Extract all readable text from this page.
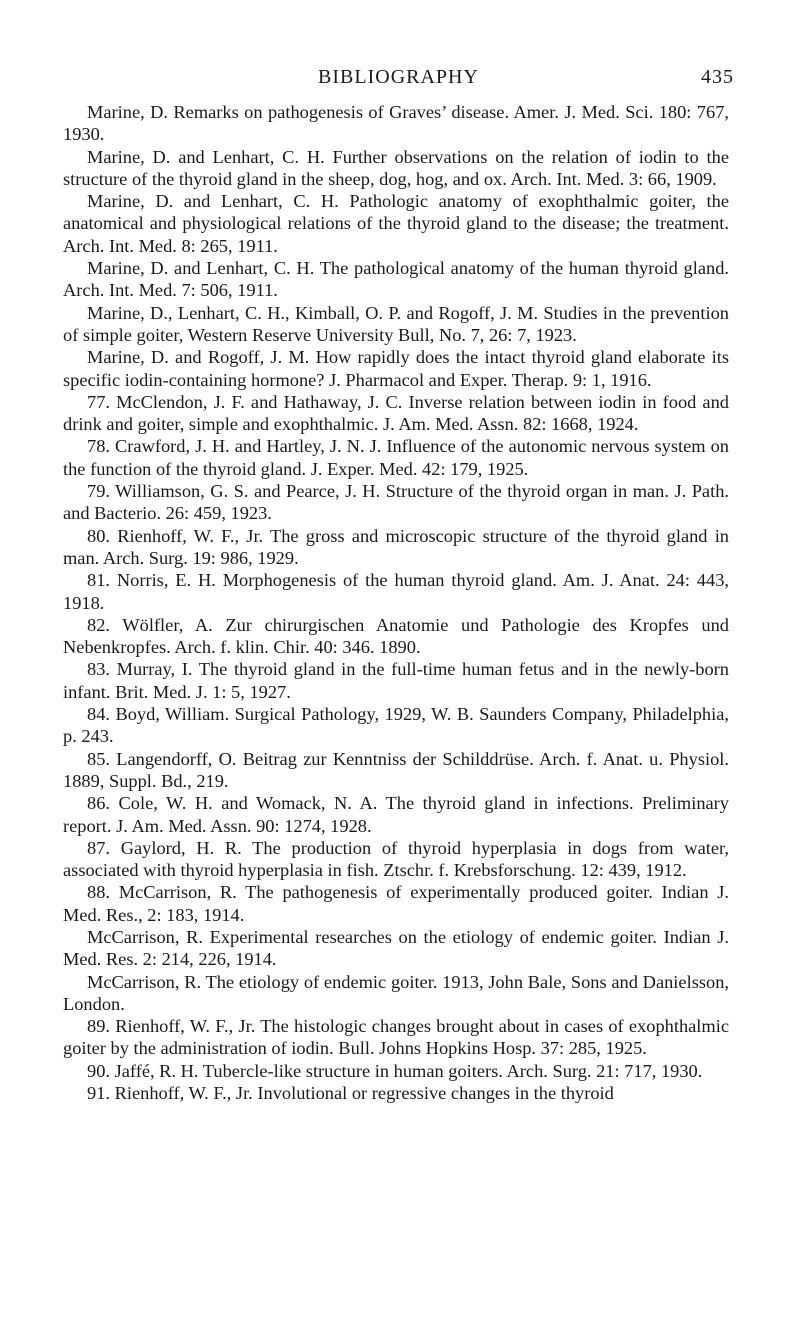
BIBLIOGRAPHY	435

Marine, D. Remarks on pathogenesis of Graves’ disease. Amer. J. Med. Sci. 180: 767, 1930.

Marine, D. and Lenhart, C. H. Further observations on the relation of iodin to the structure of the thyroid gland in the sheep, dog, hog, and ox. Arch. Int. Med. 3: 66, 1909.

Marine, D. and Lenhart, C. H. Pathologic anatomy of exophthalmic goiter, the anatomical and physiological relations of the thyroid gland to the disease; the treatment. Arch. Int. Med. 8: 265, 1911.

Marine, D. and Lenhart, C. H. The pathological anatomy of the human thyroid gland. Arch. Int. Med. 7: 506, 1911.

Marine, D., Lenhart, C. H., Kimball, O. P. and Rogoff, J. M. Studies in the prevention of simple goiter, Western Reserve University Bull, No. 7, 26: 7, 1923.

Marine, D. and Rogoff, J. M. How rapidly does the intact thyroid gland elaborate its specific iodin-containing hormone? J. Pharmacol and Exper. Therap. 9: 1, 1916.

77 . McClendon, J. F. and Hathaway, J. C. Inverse relation between iodin in food and drink and goiter, simple and exophthalmic. J. Am. Med. Assn. 82: 1668, 1924.

78 . Crawford, J. H. and Hartley, J. N. J. Influence of the autonomic nervous system on the function of the thyroid gland. J. Exper. Med. 42: 179, 1925.

79 . Williamson, G. S. and Pearce, J. H. Structure of the thyroid organ in man. J. Path. and Bacterio. 26: 459, 1923.

80 . Rienhoff, W. F., Jr. The gross and microscopic structure of the thyroid gland in man. Arch. Surg. 19: 986, 1929.

81 . Norris, E. H. Morphogenesis of the human thyroid gland. Am. J. Anat. 24: 443, 1918.

82 . Wölfler, A. Zur chirurgischen Anatomie und Pathologie des Kropfes und Nebenkropfes. Arch. f. klin. Chir. 40: 346. 1890.

83 . Murray, I. The thyroid gland in the full-time human fetus and in the newly-born infant. Brit. Med. J. 1: 5, 1927.

84 . Boyd, William. Surgical Pathology, 1929, W. B. Saunders Company, Philadelphia, p. 243.

85 . Langendorff, O. Beitrag zur Kenntniss der Schilddrüse. Arch. f. Anat. u. Physiol. 1889, Suppl. Bd., 219.

86 . Cole, W. H. and Womack, N. A. The thyroid gland in infections. Preliminary report. J. Am. Med. Assn. 90: 1274, 1928.

87 . Gaylord, H. R. The production of thyroid hyperplasia in dogs from water, associated with thyroid hyperplasia in fish. Ztschr. f. Krebsforschung. 12: 439, 1912.

88 . McCarrison, R. The pathogenesis of experimentally produced goiter. Indian J. Med. Res., 2: 183, 1914.

McCarrison, R. Experimental researches on the etiology of endemic goiter. Indian J. Med. Res. 2: 214, 226, 1914.

McCarrison, R. The etiology of endemic goiter. 1913, John Bale, Sons and Danielsson, London.

89 . Rienhoff, W. F., Jr. The histologic changes brought about in cases of exophthalmic goiter by the administration of iodin. Bull. Johns Hopkins Hosp. 37: 285, 1925.

90 . Jaffé, R. H. Tubercle-like structure in human goiters. Arch. Surg. 21: 717, 1930.

91 . Rienhoff, W. F., Jr. Involutional or regressive changes in the thyroid
